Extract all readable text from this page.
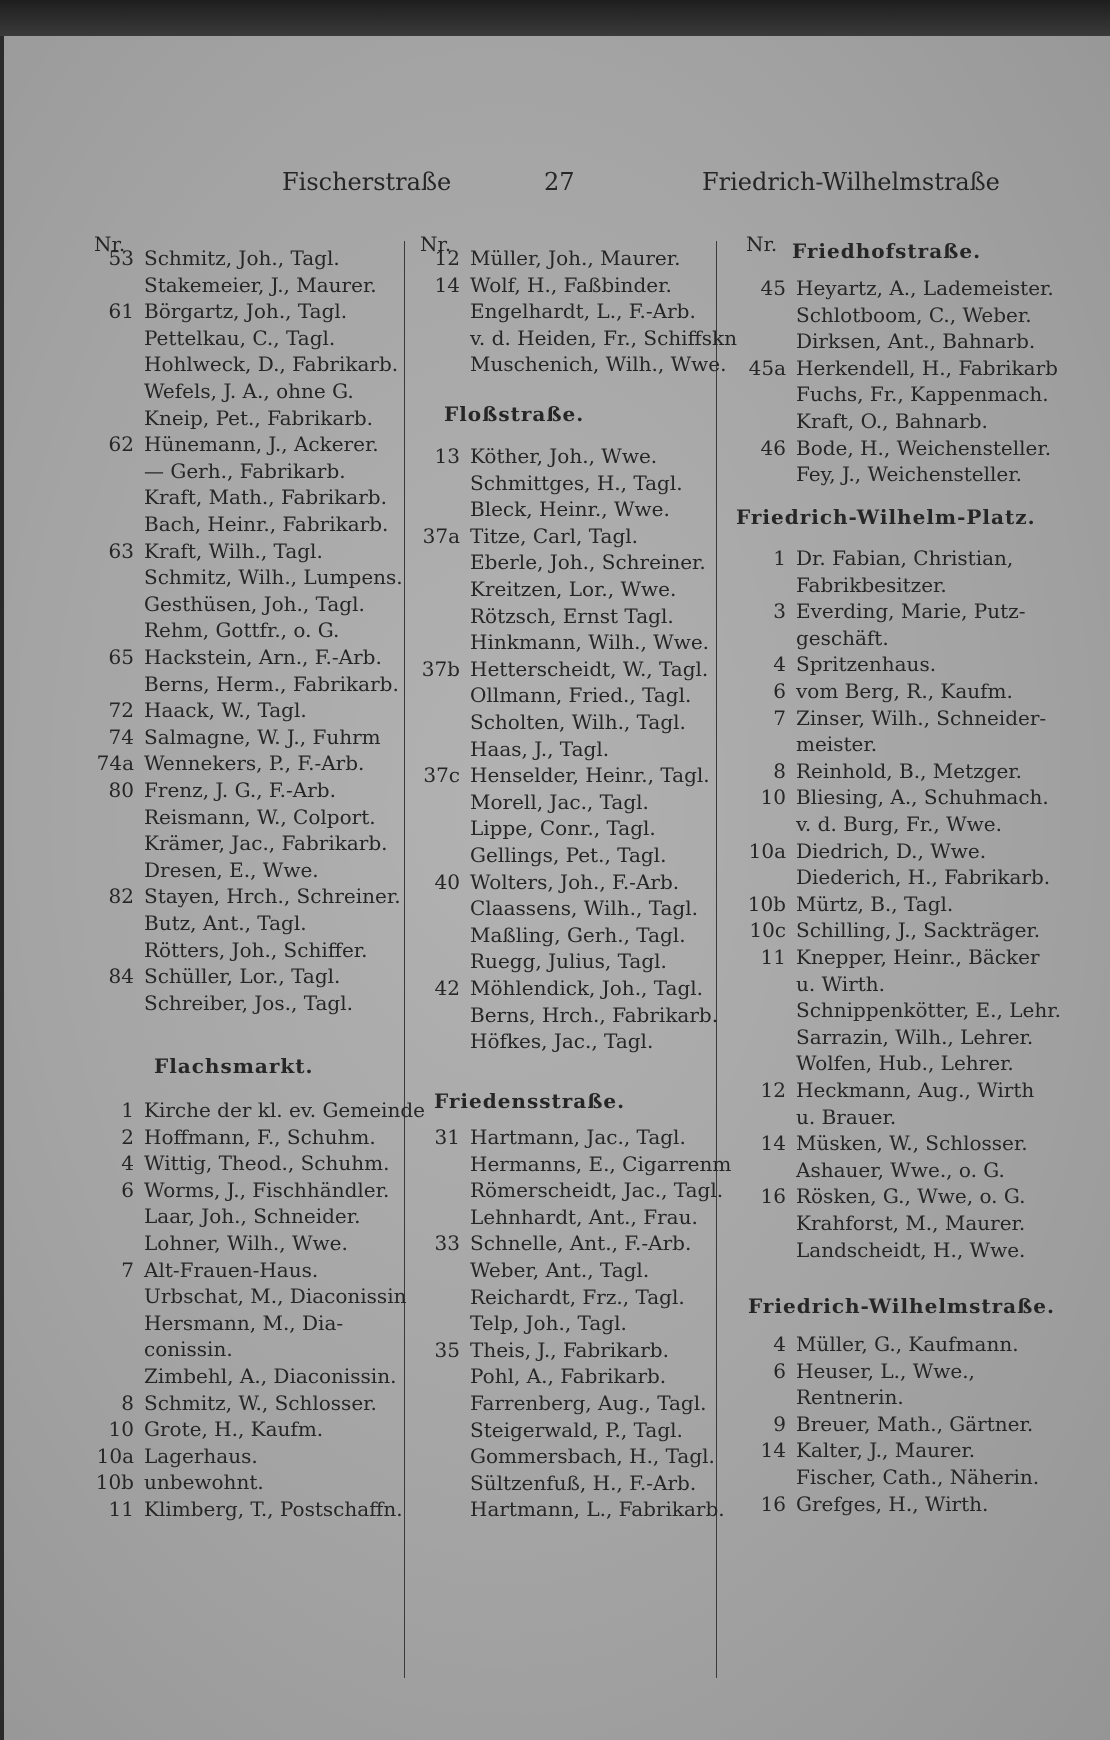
Fischerstraße	27	Friedrich-Wilhelmstraße
Nr.
53 Schmitz, Joh., Tagl.
Stakemeier, J., Maurer.
61 Börgartz, Joh., Tagl.
Pettelkau, C., Tagl.
Hohlweck, D., Fabrikarb.
Wefels, J. A., ohne G.
Kneip, Pet., Fabrikarb.
62 Hünemann, J., Ackerer.
— Gerh., Fabrikarb.
Kraft, Math., Fabrikarb.
Bach, Heinr., Fabrikarb.
63 Kraft, Wilh., Tagl.
Schmitz, Wilh., Lumpens.
Gesthüsen, Joh., Tagl.
Rehm, Gottfr., o. G.
65 Hackstein, Arn., F.-Arb.
Berns, Herm., Fabrikarb.
72 Haack, W., Tagl.
74 Salmagne, W. J., Fuhrm
74a Wennekers, P., F.-Arb.
80 Frenz, J. G., F.-Arb.
Reismann, W., Colport.
Krämer, Jac., Fabrikarb.
Dresen, E., Wwe.
82 Stayen, Hrch., Schreiner.
Butz, Ant., Tagl.
Rötters, Joh., Schiffer.
84 Schüller, Lor., Tagl.
Schreiber, Jos., Tagl.
Flachsmarkt.
1 Kirche der kl. ev. Gemeinde
2 Hoffmann, F., Schuhm.
4 Wittig, Theod., Schuhm.
6 Worms, J., Fischhändler.
Laar, Joh., Schneider.
Lohner, Wilh., Wwe.
7 Alt-Frauen-Haus.
Urbschat, M., Diaconissin
Hersmann, M., Dia-
conissin.
Zimbehl, A., Diaconissin.
8 Schmitz, W., Schlosser.
10 Grote, H., Kaufm.
10a Lagerhaus.
10b unbewohnt.
11 Klimberg, T., Postschaffn.
Nr.
12 Müller, Joh., Maurer.
14 Wolf, H., Faßbinder.
Engelhardt, L., F.-Arb.
v. d. Heiden, Fr., Schiffskn
Muschenich, Wilh., Wwe.
Floßstraße.
13 Köther, Joh., Wwe.
Schmittges, H., Tagl.
Bleck, Heinr., Wwe.
37a Titze, Carl, Tagl.
Eberle, Joh., Schreiner.
Kreitzen, Lor., Wwe.
Rötzsch, Ernst Tagl.
Hinkmann, Wilh., Wwe.
37b Hetterscheidt, W., Tagl.
Ollmann, Fried., Tagl.
Scholten, Wilh., Tagl.
Haas, J., Tagl.
37c Henselder, Heinr., Tagl.
Morell, Jac., Tagl.
Lippe, Conr., Tagl.
Gellings, Pet., Tagl.
40 Wolters, Joh., F.-Arb.
Claassens, Wilh., Tagl.
Maßling, Gerh., Tagl.
Ruegg, Julius, Tagl.
42 Möhlendick, Joh., Tagl.
Berns, Hrch., Fabrikarb.
Höfkes, Jac., Tagl.
Friedensstraße.
31 Hartmann, Jac., Tagl.
Hermanns, E., Cigarrenm
Römerscheidt, Jac., Tagl.
Lehnhardt, Ant., Frau.
33 Schnelle, Ant., F.-Arb.
Weber, Ant., Tagl.
Reichardt, Frz., Tagl.
Telp, Joh., Tagl.
35 Theis, J., Fabrikarb.
Pohl, A., Fabrikarb.
Farrenberg, Aug., Tagl.
Steigerwald, P., Tagl.
Gommersbach, H., Tagl.
Sültzenfuß, H., F.-Arb.
Hartmann, L., Fabrikarb.
Nr. Friedhofstraße.
45 Heyartz, A., Lademeister.
Schlotboom, C., Weber.
Dirksen, Ant., Bahnarb.
45a Herkendell, H., Fabrikarb
Fuchs, Fr., Kappenmach.
Kraft, O., Bahnarb.
46 Bode, H., Weichensteller.
Fey, J., Weichensteller.
Friedrich-Wilhelm-Platz.
1 Dr. Fabian, Christian,
Fabrikbesitzer.
3 Everding, Marie, Putz-
geschäft.
4 Spritzenhaus.
6 vom Berg, R., Kaufm.
7 Zinser, Wilh., Schneider-
meister.
8 Reinhold, B., Metzger.
10 Bliesing, A., Schuhmach.
v. d. Burg, Fr., Wwe.
10a Diedrich, D., Wwe.
Diederich, H., Fabrikarb.
10b Mürtz, B., Tagl.
10c Schilling, J., Sackträger.
11 Knepper, Heinr., Bäcker
u. Wirth.
Schnippenkötter, E., Lehr.
Sarrazin, Wilh., Lehrer.
Wolfen, Hub., Lehrer.
12 Heckmann, Aug., Wirth
u. Brauer.
14 Müsken, W., Schlosser.
Ashauer, Wwe., o. G.
16 Rösken, G., Wwe, o. G.
Krahforst, M., Maurer.
Landscheidt, H., Wwe.
Friedrich-Wilhelmstraße.
4 Müller, G., Kaufmann.
6 Heuser, L., Wwe.,
Rentnerin.
9 Breuer, Math., Gärtner.
14 Kalter, J., Maurer.
Fischer, Cath., Näherin.
16 Grefges, H., Wirth.
